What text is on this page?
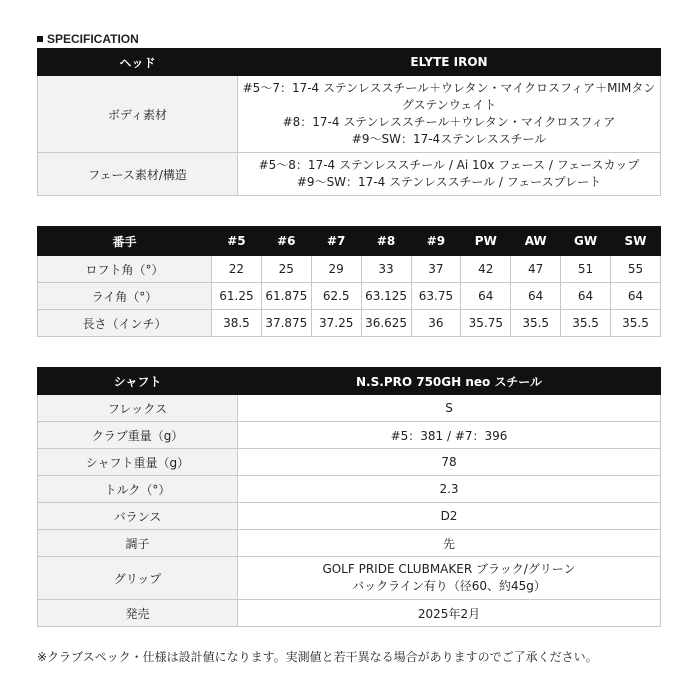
SPECIFICATION
ヘッド	ELYTE IRON
ボディ素材	#5～7：17-4 ステンレススチール＋ウレタン・マイクロスフィア＋MIMタン
グステンウェイト
#8：17-4 ステンレススチール＋ウレタン・マイクロスフィア
#9～SW：17-4ステンレススチール

フェース素材/構造	#5～8：17-4 ステンレススチール / Ai 10x フェース / フェースカップ
#9～SW：17-4 ステンレススチール / フェースプレート
番手	#5	#6	#7	#8	#9	PW	AW	GW	SW
ロフト角（°）	22	25	29	33	37	42	47	51	55
ライ角（°）	61.25	61.875	62.5	63.125	63.75	64	64	64	64
長さ（インチ）	38.5	37.875	37.25	36.625	36	35.75	35.5	35.5	35.5
シャフト	N.S.PRO 750GH neo スチール
フレックス	S

クラブ重量（g）	#5：381 / #7：396

シャフト重量（g）	78

トルク（°）	2.3

バランス	D2

調子	先

グリップ	GOLF PRIDE CLUBMAKER ブラック/グリーン
バックライン有り（径60、約45g）

発売	2025年2月
※クラブスペック・仕様は設計値になります。実測値と若干異なる場合がありますのでご了承ください。
